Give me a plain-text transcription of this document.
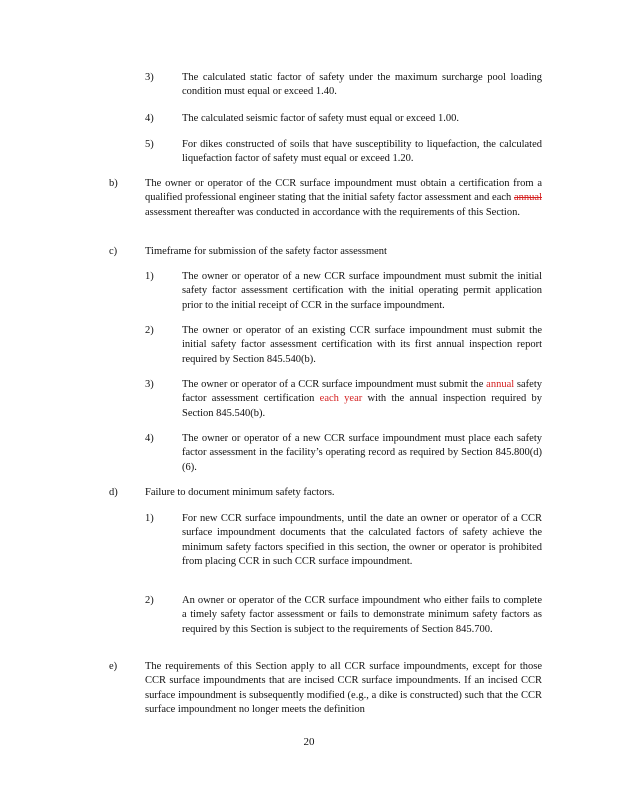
3)	The calculated static factor of safety under the maximum surcharge pool loading condition must equal or exceed 1.40.
4)	The calculated seismic factor of safety must equal or exceed 1.00.
5)	For dikes constructed of soils that have susceptibility to liquefaction, the calculated liquefaction factor of safety must equal or exceed 1.20.
b)	The owner or operator of the CCR surface impoundment must obtain a certification from a qualified professional engineer stating that the initial safety factor assessment and each annual assessment thereafter was conducted in accordance with the requirements of this Section.
c)	Timeframe for submission of the safety factor assessment
1)	The owner or operator of a new CCR surface impoundment must submit the initial safety factor assessment certification with the initial operating permit application prior to the initial receipt of CCR in the surface impoundment.
2)	The owner or operator of an existing CCR surface impoundment must submit the initial safety factor assessment certification with its first annual inspection report required by Section 845.540(b).
3)	The owner or operator of a CCR surface impoundment must submit the annual safety factor assessment certification each year with the annual inspection required by Section 845.540(b).
4)	The owner or operator of a new CCR surface impoundment must place each safety factor assessment in the facility’s operating record as required by Section 845.800(d)(6).
d)	Failure to document minimum safety factors.
1)	For new CCR surface impoundments, until the date an owner or operator of a CCR surface impoundment documents that the calculated factors of safety achieve the minimum safety factors specified in this section, the owner or operator is prohibited from placing CCR in such CCR surface impoundment.
2)	An owner or operator of the CCR surface impoundment who either fails to complete a timely safety factor assessment or fails to demonstrate minimum safety factors as required by this Section is subject to the requirements of Section 845.700.
e)	The requirements of this Section apply to all CCR surface impoundments, except for those CCR surface impoundments that are incised CCR surface impoundments. If an incised CCR surface impoundment is subsequently modified (e.g., a dike is constructed) such that the CCR surface impoundment no longer meets the definition
20
